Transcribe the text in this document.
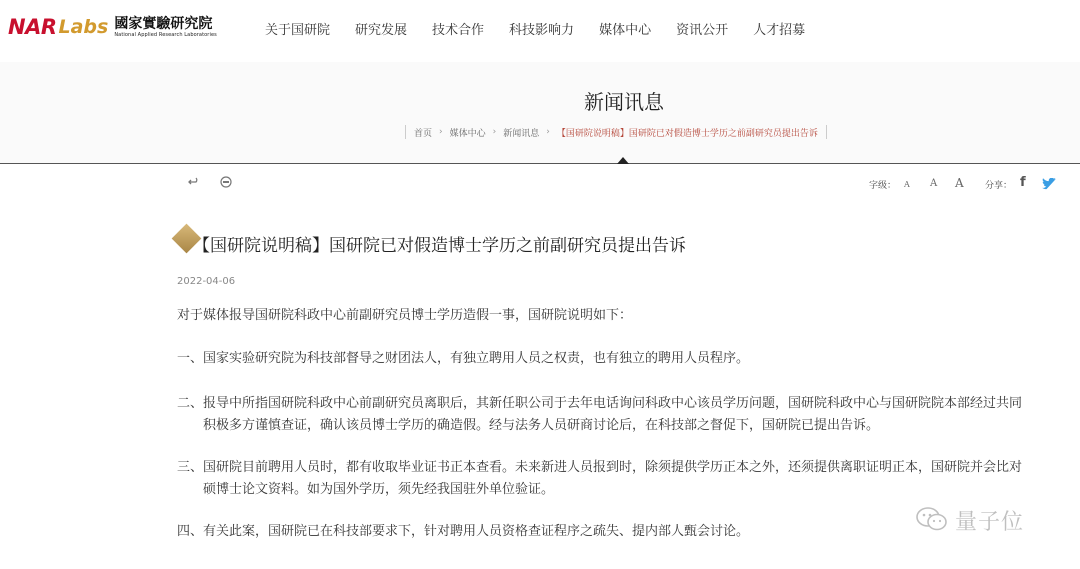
NAR Labs 國家實驗研究院
National Applied Research Laboratories	关于国研院 研究发展 技术合作 科技影响力 媒体中心 资讯公开 人才招募
新闻讯息
首页 › 媒体中心 › 新闻讯息 › 【国研院说明稿】国研院已对假造博士学历之前副研究员提出告诉
字级： A A A 分享： f
【国研院说明稿】国研院已对假造博士学历之前副研究员提出告诉
2022-04-06
对于媒体报导国研院科政中心前副研究员博士学历造假一事，国研院说明如下：
一、国家实验研究院为科技部督导之财团法人，有独立聘用人员之权责，也有独立的聘用人员程序。
二、报导中所指国研院科政中心前副研究员离职后，其新任职公司于去年电话询问科政中心该员学历问题，国研院科政中心与国研院院本部经过共同
积极多方谨慎查证，确认该员博士学历的确造假。经与法务人员研商讨论后，在科技部之督促下，国研院已提出告诉。
三、国研院目前聘用人员时，都有收取毕业证书正本查看。未来新进人员报到时，除须提供学历正本之外，还须提供离职证明正本，国研院并会比对
硕博士论文资料。如为国外学历，须先经我国驻外单位验证。
四、有关此案，国研院已在科技部要求下，针对聘用人员资格查证程序之疏失、提内部人甄会讨论。	量子位
